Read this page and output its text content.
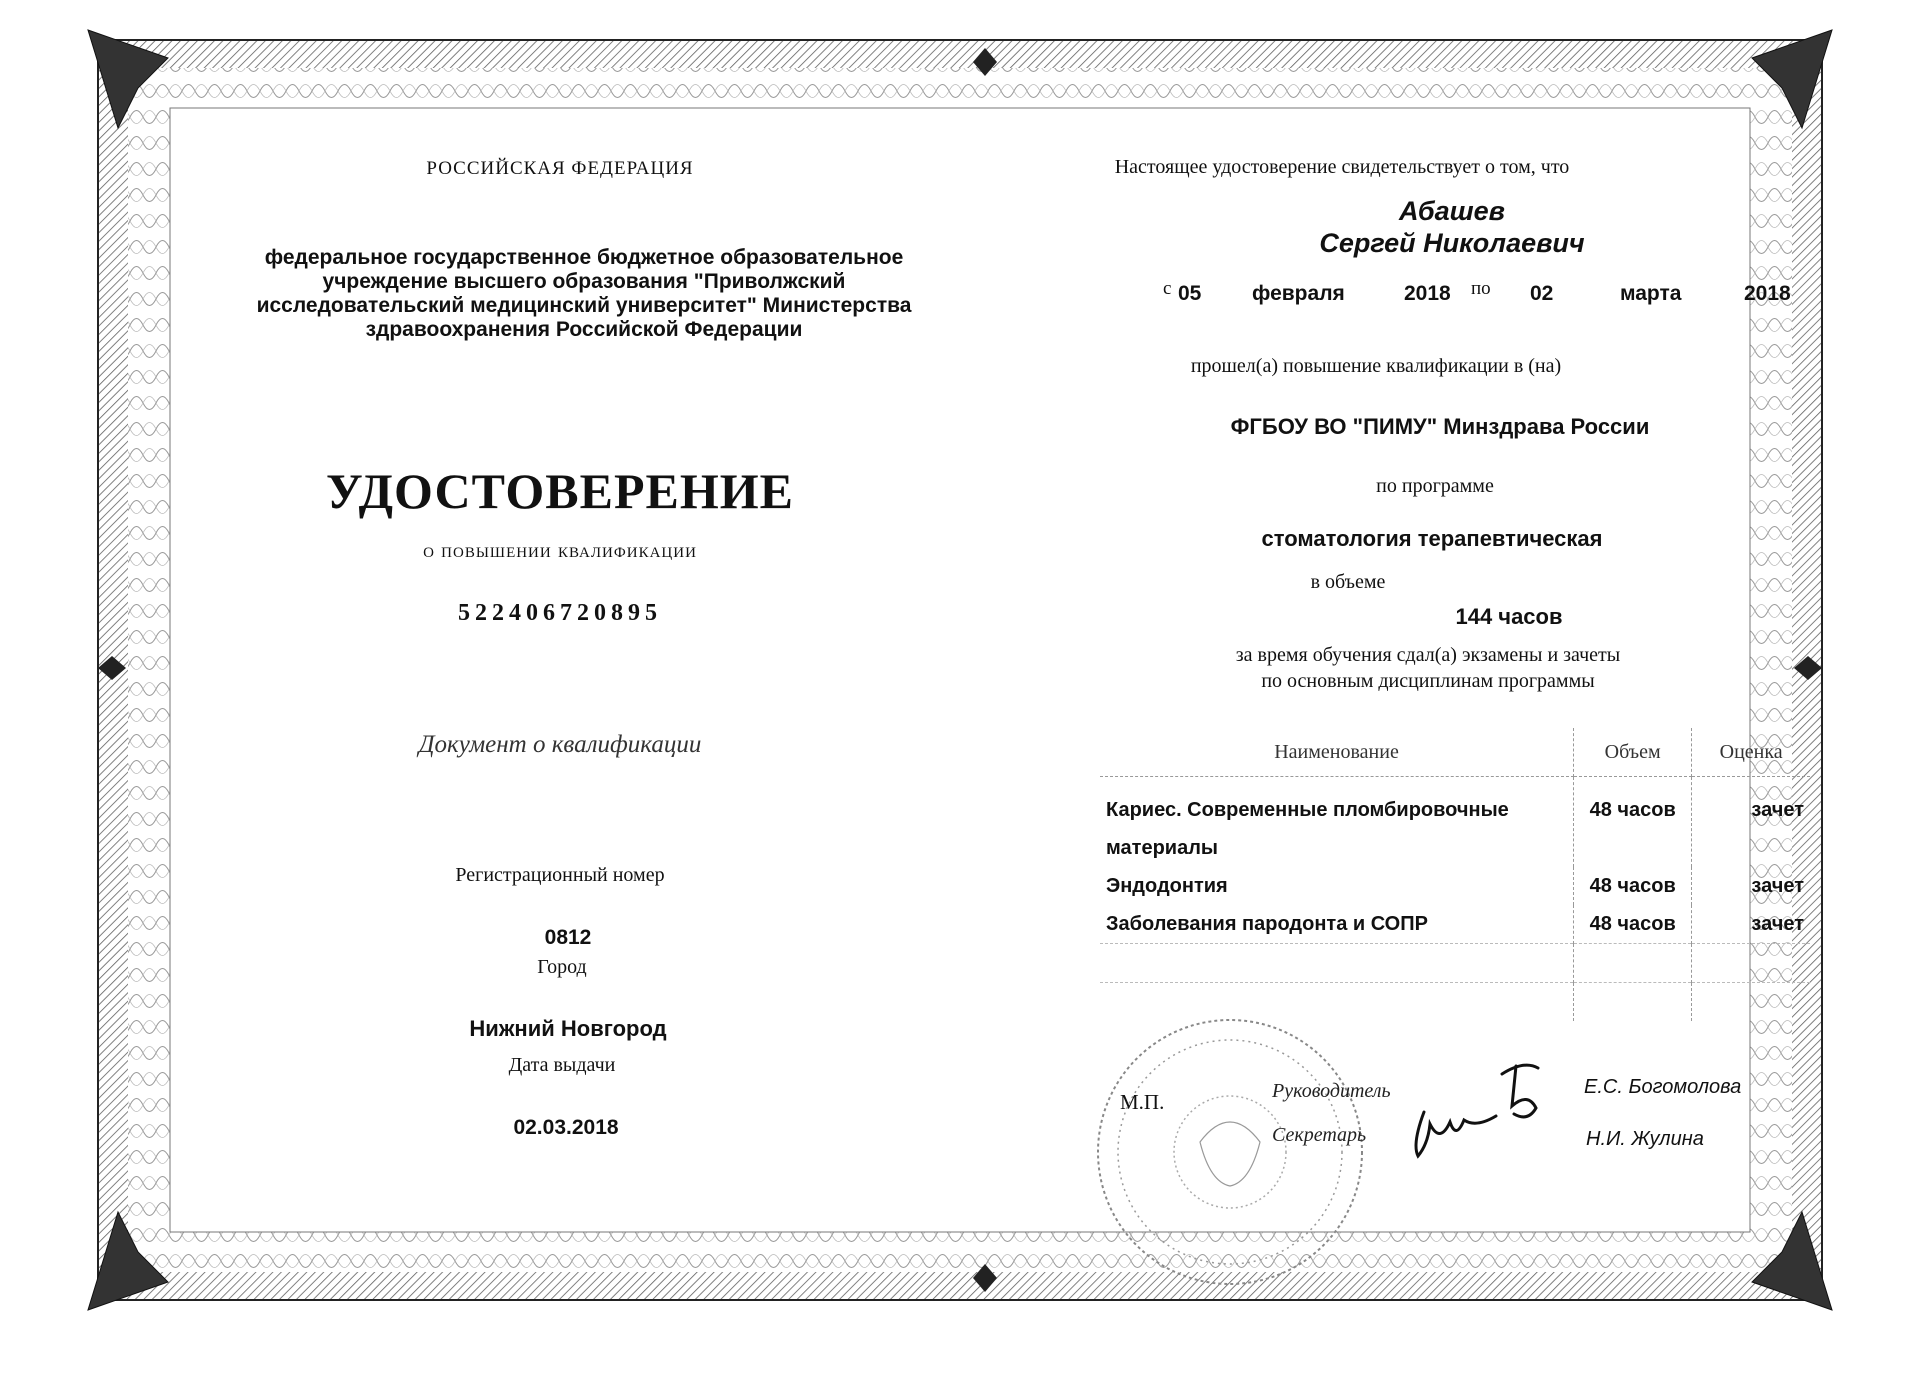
РОССИЙСКАЯ ФЕДЕРАЦИЯ
федеральное государственное бюджетное образовательное
учреждение высшего образования "Приволжский
исследовательский медицинский университет" Министерства
здравоохранения Российской Федерации
УДОСТОВЕРЕНИЕ
о повышении квалификации
522406720895
Документ о квалификации
Регистрационный номер
0812
Город
Нижний Новгород
Дата выдачи
02.03.2018
Настоящее удостоверение свидетельствует о том, что
Абашев
Сергей Николаевич
с 05 февраля	2018 по 02	марта	2018
прошел(а) повышение квалификации в (на)
ФГБОУ ВО "ПИМУ" Минздрава России
по программе
стоматология терапевтическая
в объеме
144 часов
за время обучения сдал(а) экзамены и зачеты
по основным дисциплинам программы
Наименование	Объем	Оценка

Кариес. Современные пломбировочные
материалы	48 часов	зачет
Эндодонтия	48 часов	зачет
Заболевания пародонта и СОПР	48 часов	зачет

М.П.	Руководитель
Секретарь
Е.С. Богомолова
Н.И. Жулина
